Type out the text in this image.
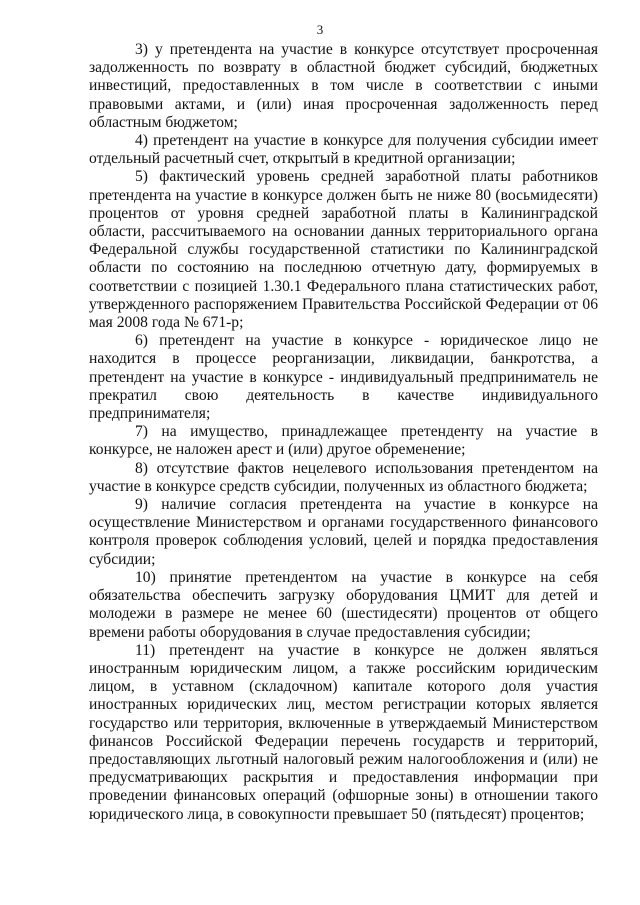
3

3) у претендента на участие в конкурсе отсутствует просроченная задолженность по возврату в областной бюджет субсидий, бюджетных инвестиций, предоставленных в том числе в соответствии с иными правовыми актами, и (или) иная просроченная задолженность перед областным бюджетом;

4) претендент на участие в конкурсе для получения субсидии имеет отдельный расчетный счет, открытый в кредитной организации;

5) фактический уровень средней заработной платы работников претендента на участие в конкурсе должен быть не ниже 80 (восьмидесяти) процентов от уровня средней заработной платы в Калининградской области, рассчитываемого на основании данных территориального органа Федеральной службы государственной статистики по Калининградской области по состоянию на последнюю отчетную дату, формируемых в соответствии с позицией 1.30.1 Федерального плана статистических работ, утвержденного распоряжением Правительства Российской Федерации от 06 мая 2008 года № 671-р;

6) претендент на участие в конкурсе - юридическое лицо не находится в процессе реорганизации, ликвидации, банкротства, а претендент на участие в конкурсе - индивидуальный предприниматель не прекратил свою деятельность в качестве индивидуального предпринимателя;

7) на имущество, принадлежащее претенденту на участие в конкурсе, не наложен арест и (или) другое обременение;

8) отсутствие фактов нецелевого использования претендентом на участие в конкурсе средств субсидии, полученных из областного бюджета;

9) наличие согласия претендента на участие в конкурсе на осуществление Министерством и органами государственного финансового контроля проверок соблюдения условий, целей и порядка предоставления субсидии;

10) принятие претендентом на участие в конкурсе на себя обязательства обеспечить загрузку оборудования ЦМИТ для детей и молодежи в размере не менее 60 (шестидесяти) процентов от общего времени работы оборудования в случае предоставления субсидии;

11) претендент на участие в конкурсе не должен являться иностранным юридическим лицом, а также российским юридическим лицом, в уставном (складочном) капитале которого доля участия иностранных юридических лиц, местом регистрации которых является государство или территория, включенные в утверждаемый Министерством финансов Российской Федерации перечень государств и территорий, предоставляющих льготный налоговый режим налогообложения и (или) не предусматривающих раскрытия и предоставления информации при проведении финансовых операций (офшорные зоны) в отношении такого юридического лица, в совокупности превышает 50 (пятьдесят) процентов;
